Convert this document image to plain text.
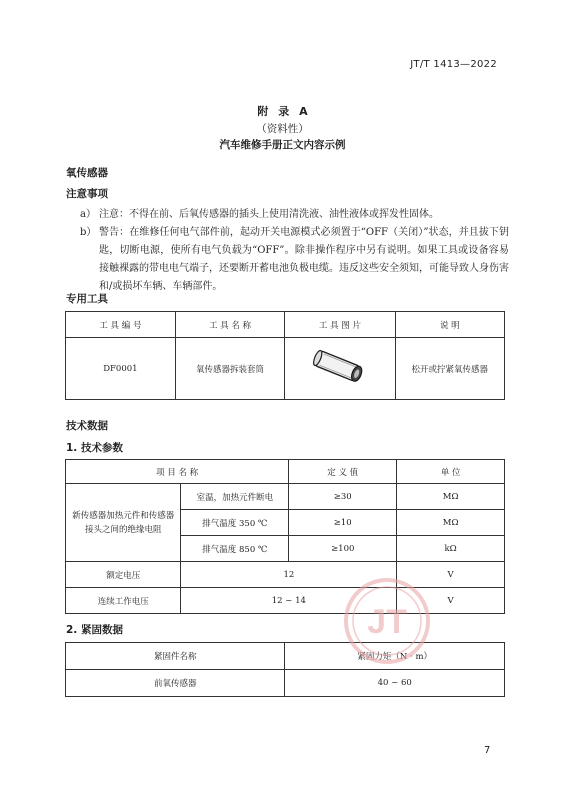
JT/T 1413—2022
附 录 A
（资料性）
汽车维修手册正文内容示例
氧传感器
注意事项
a） 注意：不得在前、后氧传感器的插头上使用清洗液、油性液体或挥发性固体。
b） 警告：在维修任何电气部件前，起动开关电源模式必须置于“OFF（关闭）”状态，并且拔下钥匙，切断电源，使所有电气负载为“OFF”。除非操作程序中另有说明。如果工具或设备容易接触裸露的带电电气端子，还要断开蓄电池负极电缆。违反这些安全须知，可能导致人身伤害和/或损坏车辆、车辆部件。
专用工具
工 具 编 号	工 具 名 称	工 具 图 片	说 明
DF0001	氧传感器拆装套筒		松开或拧紧氧传感器
技术数据
1. 技术参数
项 目 名 称		定 义 值	单 位
新传感器加热元件和传感器接头之间的绝缘电阻	室温，加热元件断电	≥30	MΩ
	排气温度 350 ℃	≥10	MΩ
	排气温度 850 ℃	≥100	kΩ
额定电压	12		V
连续工作电压	12 ~ 14		V
2. 紧固数据
紧固件名称	紧固力矩（N · m）
前氧传感器	40 ~ 60
JT
7
